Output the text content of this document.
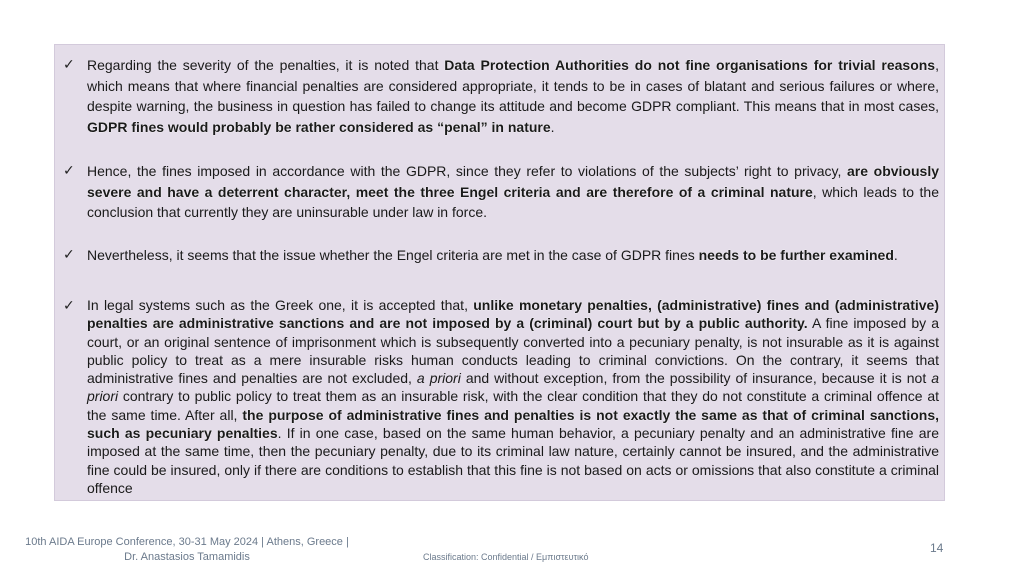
✓ Regarding the severity of the penalties, it is noted that Data Protection Authorities do not fine organisations for trivial reasons, which means that where financial penalties are considered appropriate, it tends to be in cases of blatant and serious failures or where, despite warning, the business in question has failed to change its attitude and become GDPR compliant. This means that in most cases, GDPR fines would probably be rather considered as “penal” in nature.
✓ Hence, the fines imposed in accordance with the GDPR, since they refer to violations of the subjects’ right to privacy, are obviously severe and have a deterrent character, meet the three Engel criteria and are therefore of a criminal nature, which leads to the conclusion that currently they are uninsurable under law in force.
✓ Nevertheless, it seems that the issue whether the Engel criteria are met in the case of GDPR fines needs to be further examined.
✓ In legal systems such as the Greek one, it is accepted that, unlike monetary penalties, (administrative) fines and (administrative) penalties are administrative sanctions and are not imposed by a (criminal) court but by a public authority. A fine imposed by a court, or an original sentence of imprisonment which is subsequently converted into a pecuniary penalty, is not insurable as it is against public policy to treat as a mere insurable risks human conducts leading to criminal convictions. On the contrary, it seems that administrative fines and penalties are not excluded, a priori and without exception, from the possibility of insurance, because it is not a priori contrary to public policy to treat them as an insurable risk, with the clear condition that they do not constitute a criminal offence at the same time. After all, the purpose of administrative fines and penalties is not exactly the same as that of criminal sanctions, such as pecuniary penalties. If in one case, based on the same human behavior, a pecuniary penalty and an administrative fine are imposed at the same time, then the pecuniary penalty, due to its criminal law nature, certainly cannot be insured, and the administrative fine could be insured, only if there are conditions to establish that this fine is not based on acts or omissions that also constitute a criminal offence
10th AIDA Europe Conference, 30-31 May 2024 | Athens, Greece | Dr. Anastasios Tamamidis	Classification: Confidential / Εμπιστευτικό
14
